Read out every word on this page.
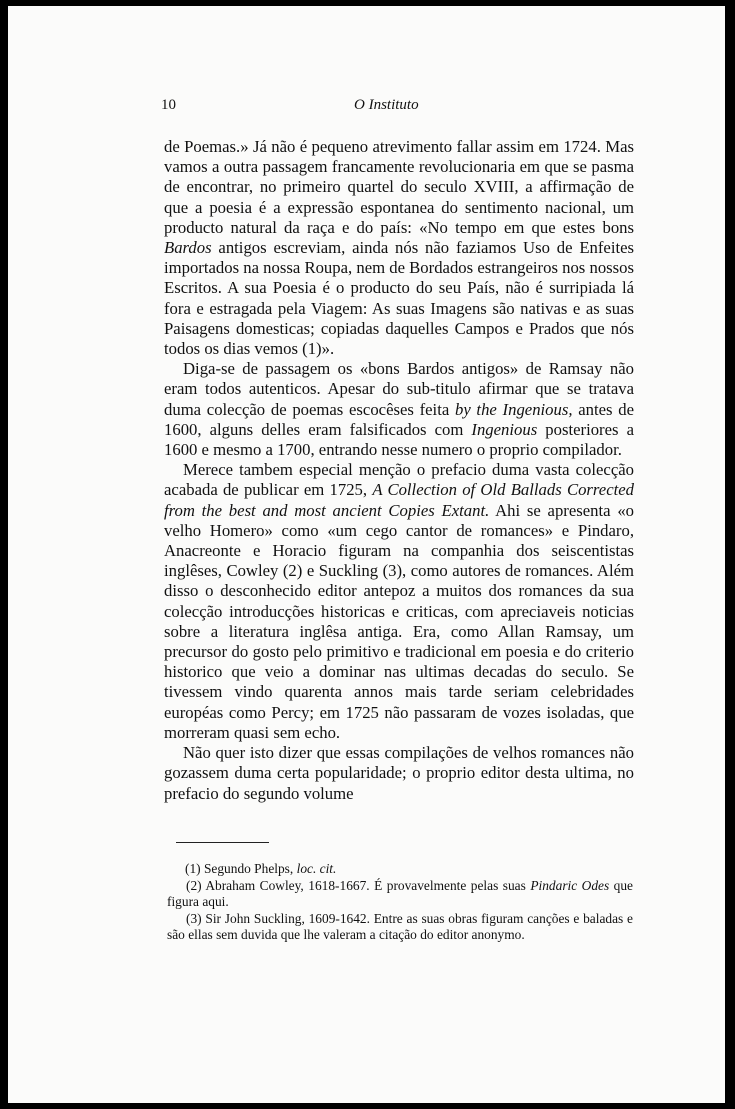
10	O Instituto

de Poemas.» Já não é pequeno atrevimento fallar assim em 1724. Mas vamos a outra passagem francamente revolucionaria em que se pasma de encontrar, no primeiro quartel do seculo XVIII, a affirmação de que a poesia é a expressão espontanea do sentimento nacional, um producto natural da raça e do país: «No tempo em que estes bons Bardos antigos escreviam, ainda nós não faziamos Uso de Enfeites importados na nossa Roupa, nem de Bordados estrangeiros nos nossos Escritos. A sua Poesia é o producto do seu País, não é surripiada lá fora e estragada pela Viagem: As suas Imagens são nativas e as suas Paisagens domesticas; copiadas daquelles Campos e Prados que nós todos os dias vemos (1)».

Diga-se de passagem os «bons Bardos antigos» de Ramsay não eram todos autenticos. Apesar do sub-titulo afirmar que se tratava duma colecção de poemas escocêses feita by the Ingenious, antes de 1600, alguns delles eram falsificados com Ingenious posteriores a 1600 e mesmo a 1700, entrando nesse numero o proprio compilador.

Merece tambem especial menção o prefacio duma vasta colecção acabada de publicar em 1725, A Collection of Old Ballads Corrected from the best and most ancient Copies Extant. Ahi se apresenta «o velho Homero» como «um cego cantor de romances» e Pindaro, Anacreonte e Horacio figuram na companhia dos seiscentistas inglêses, Cowley (2) e Suckling (3), como autores de romances. Além disso o desconhecido editor antepoz a muitos dos romances da sua colecção introducções historicas e criticas, com apreciaveis noticias sobre a literatura inglêsa antiga. Era, como Allan Ramsay, um precursor do gosto pelo primitivo e tradicional em poesia e do criterio historico que veio a dominar nas ultimas decadas do seculo. Se tivessem vindo quarenta annos mais tarde seriam celebridades européas como Percy; em 1725 não passaram de vozes isoladas, que morreram quasi sem echo.

Não quer isto dizer que essas compilações de velhos romances não gozassem duma certa popularidade; o proprio editor desta ultima, no prefacio do segundo volume

(1) Segundo Phelps, loc. cit.

(2) Abraham Cowley, 1618-1667. É provavelmente pelas suas Pindaric Odes que figura aqui.

(3) Sir John Suckling, 1609-1642. Entre as suas obras figuram canções e baladas e são ellas sem duvida que lhe valeram a citação do editor anonymo.
